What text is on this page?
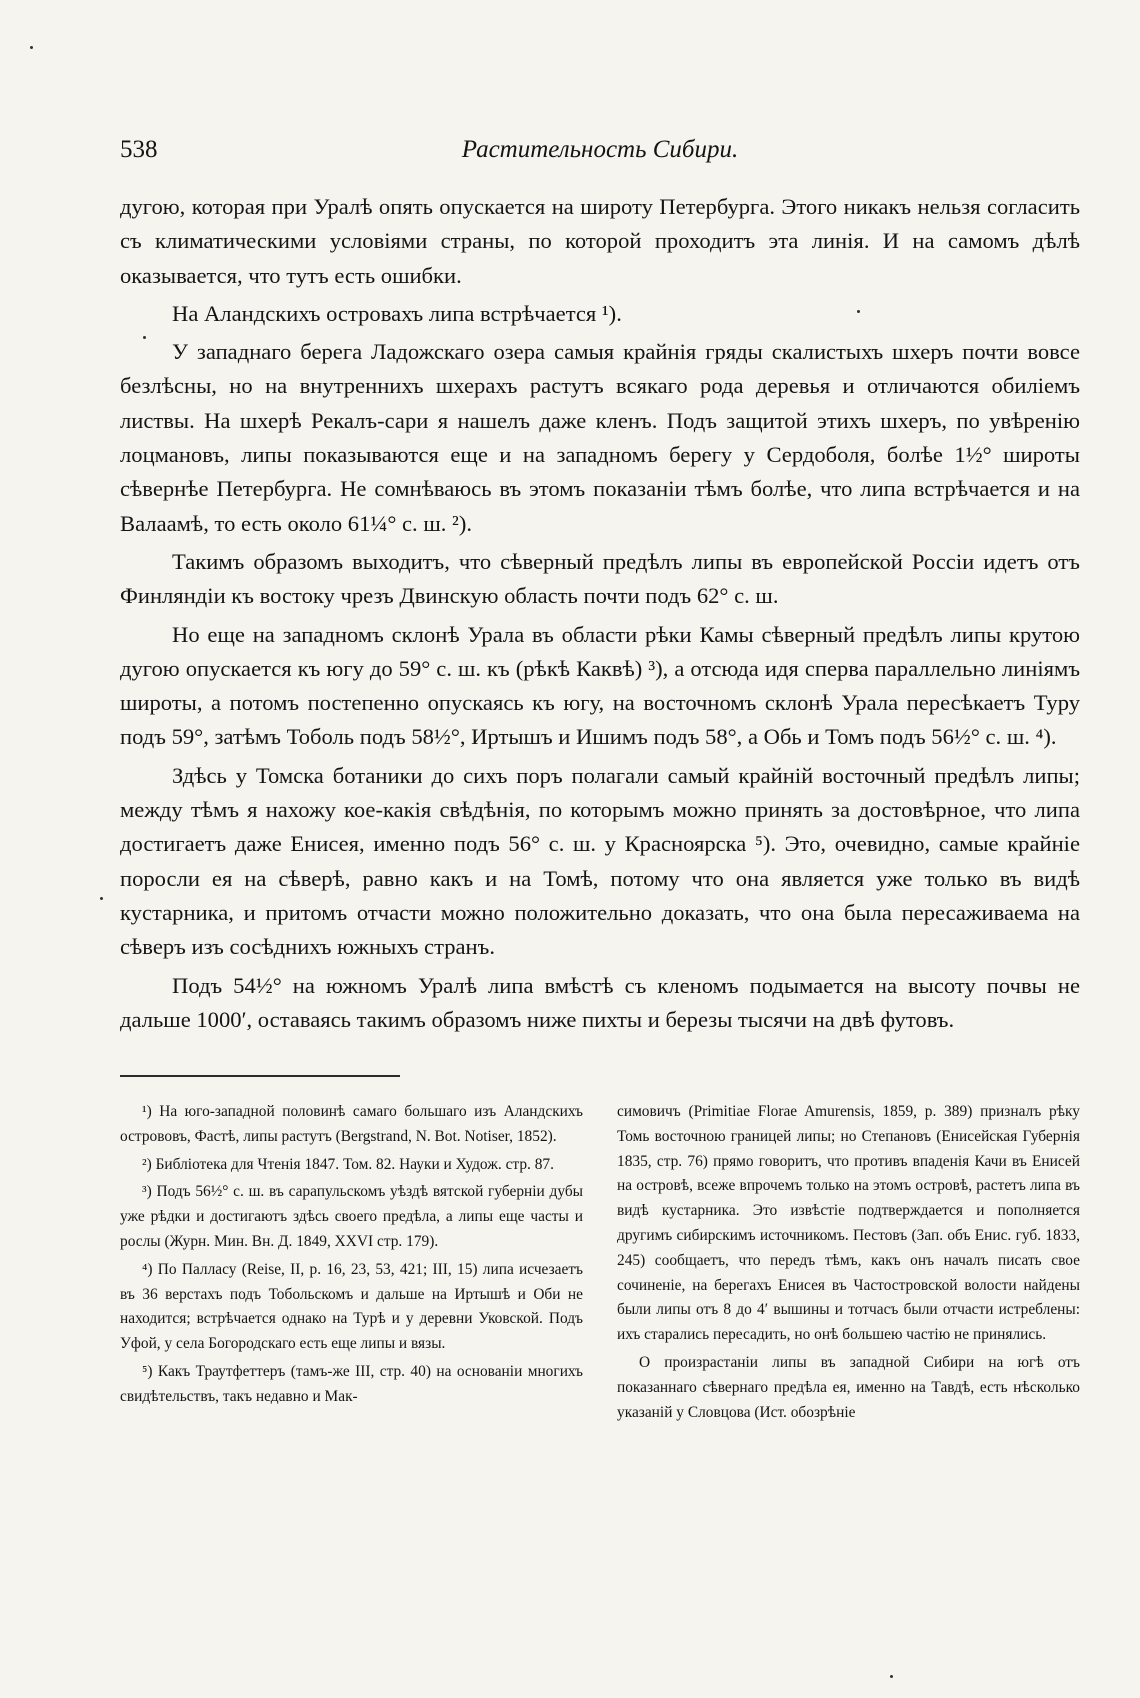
538	Растительность Сибири.

дугою, которая при Уралѣ опять опускается на широту Петербурга. Этого никакъ нельзя согласить съ климатическими условіями страны, по которой проходитъ эта линія. И на самомъ дѣлѣ оказывается, что тутъ есть ошибки.

На Аландскихъ островахъ липа встрѣчается ¹).

У западнаго берега Ладожскаго озера самыя крайнія гряды скалистыхъ шхеръ почти вовсе безлѣсны, но на внутреннихъ шхерахъ растутъ всякаго рода деревья и отличаются обиліемъ листвы. На шхерѣ Рекалъ-сари я нашелъ даже кленъ. Подъ защитой этихъ шхеръ, по увѣренію лоцмановъ, липы показываются еще и на западномъ берегу у Сердоболя, болѣе 1½° широты сѣвернѣе Петербурга. Не сомнѣваюсь въ этомъ показаніи тѣмъ болѣе, что липа встрѣчается и на Валаамѣ, то есть около 61¼° с. ш. ²).

Такимъ образомъ выходитъ, что сѣверный предѣлъ липы въ европейской Россіи идетъ отъ Финляндіи къ востоку чрезъ Двинскую область почти подъ 62° с. ш.

Но еще на западномъ склонѣ Урала въ области рѣки Камы сѣверный предѣлъ липы крутою дугою опускается къ югу до 59° с. ш. къ (рѣкѣ Каквѣ) ³), а отсюда идя сперва параллельно линіямъ широты, а потомъ постепенно опускаясь къ югу, на восточномъ склонѣ Урала пересѣкаетъ Туру подъ 59°, затѣмъ Тоболь подъ 58½°, Иртышъ и Ишимъ подъ 58°, а Обь и Томъ подъ 56½° с. ш. ⁴).

Здѣсь у Томска ботаники до сихъ поръ полагали самый крайній восточный предѣлъ липы; между тѣмъ я нахожу кое-какія свѣдѣнія, по которымъ можно принять за достовѣрное, что липа достигаетъ даже Енисея, именно подъ 56° с. ш. у Красноярска ⁵). Это, очевидно, самые крайніе поросли ея на сѣверѣ, равно какъ и на Томѣ, потому что она является уже только въ видѣ кустарника, и притомъ отчасти можно положительно доказать, что она была пересаживаема на сѣверъ изъ сосѣднихъ южныхъ странъ.

Подъ 54½° на южномъ Уралѣ липа вмѣстѣ съ кленомъ подымается на высоту почвы не дальше 1000′, оставаясь такимъ образомъ ниже пихты и березы тысячи на двѣ футовъ.

¹) На юго-западной половинѣ самаго большаго изъ Аландскихъ острововъ, Фастѣ, липы растутъ (Bergstrand, N. Bot. Notiser, 1852).

²) Библіотека для Чтенія 1847. Том. 82. Науки и Худож. стр. 87.

³) Подъ 56½° с. ш. въ сарапульскомъ уѣздѣ вятской губерніи дубы уже рѣдки и достигаютъ здѣсь своего предѣла, а липы еще часты и рослы (Журн. Мин. Вн. Д. 1849, XXVI стр. 179).

⁴) По Палласу (Reise, II, p. 16, 23, 53, 421; III, 15) липа исчезаетъ въ 36 верстахъ подъ Тобольскомъ и дальше на Иртышѣ и Оби не находится; встрѣчается однако на Турѣ и у деревни Уковской. Подъ Уфой, у села Богородскаго есть еще липы и вязы.

⁵) Какъ Траутфеттеръ (тамъ-же III, стр. 40) на основаніи многихъ свидѣтельствъ, такъ недавно и Мак-

симовичъ (Primitiae Florae Amurensis, 1859, p. 389) призналъ рѣку Томь восточною границей липы; но Степановъ (Енисейская Губернія 1835, стр. 76) прямо говоритъ, что противъ впаденія Качи въ Енисей на островѣ, всеже впрочемъ только на этомъ островѣ, растетъ липа въ видѣ кустарника. Это извѣстіе подтверждается и пополняется другимъ сибирскимъ источникомъ. Пестовъ (Зап. объ Енис. губ. 1833, 245) сообщаетъ, что передъ тѣмъ, какъ онъ началъ писать свое сочиненіе, на берегахъ Енисея въ Частостровской волости найдены были липы отъ 8 до 4′ вышины и тотчасъ были отчасти истреблены: ихъ старались пересадить, но онѣ большею частію не принялись.

О произрастаніи липы въ западной Сибири на югѣ отъ показаннаго сѣвернаго предѣла ея, именно на Тавдѣ, есть нѣсколько указаній у Словцова (Ист. обозрѣніе
